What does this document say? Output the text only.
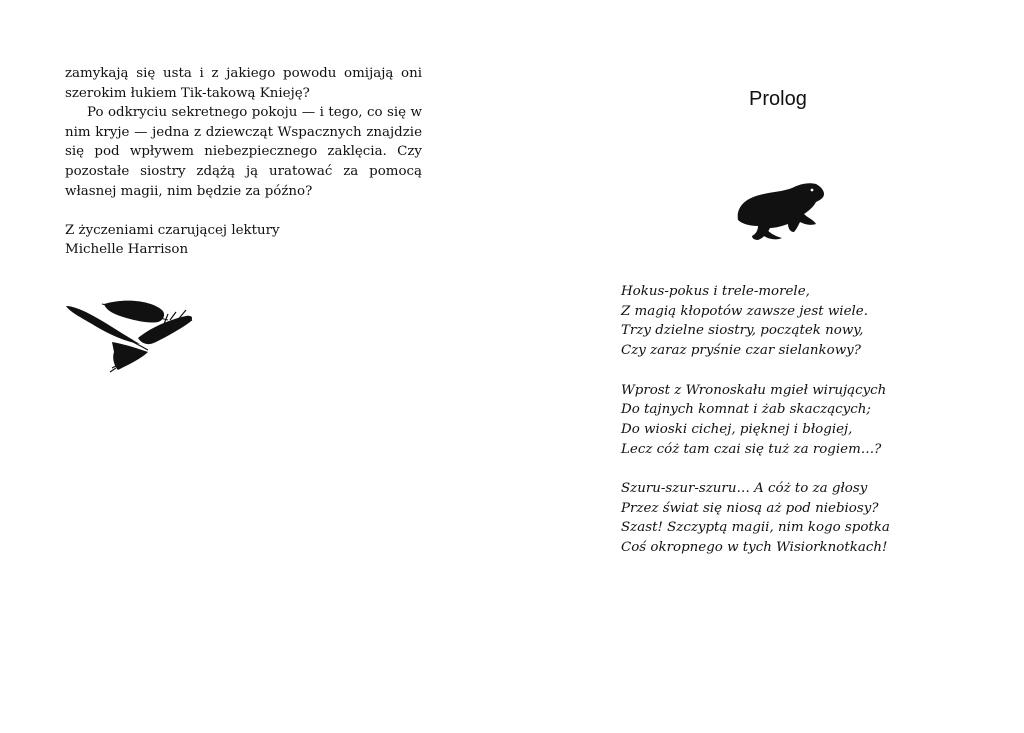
zamykają się usta i z jakiego powodu omijają oni szerokim łukiem Tik-takową Knieję?

Po odkryciu sekretnego pokoju — i tego, co się w nim kryje — jedna z dziewcząt Wspacznych znajdzie się pod wpływem niebezpiecznego zaklęcia. Czy pozostałe siostry zdążą ją uratować za pomocą własnej magii, nim będzie za późno?

Z życzeniami czarującej lektury
Michelle Harrison
Prolog
Hokus-pokus i trele-morele,
Z magią kłopotów zawsze jest wiele.
Trzy dzielne siostry, początek nowy,
Czy zaraz pryśnie czar sielankowy?
Wprost z Wronoskału mgieł wirujących
Do tajnych komnat i żab skaczących;
Do wioski cichej, pięknej i błogiej,
Lecz cóż tam czai się tuż za rogiem…?
Szuru-szur-szuru… A cóż to za głosy
Przez świat się niosą aż pod niebiosy?
Szast! Szczyptą magii, nim kogo spotka
Coś okropnego w tych Wisiorknotkach!
